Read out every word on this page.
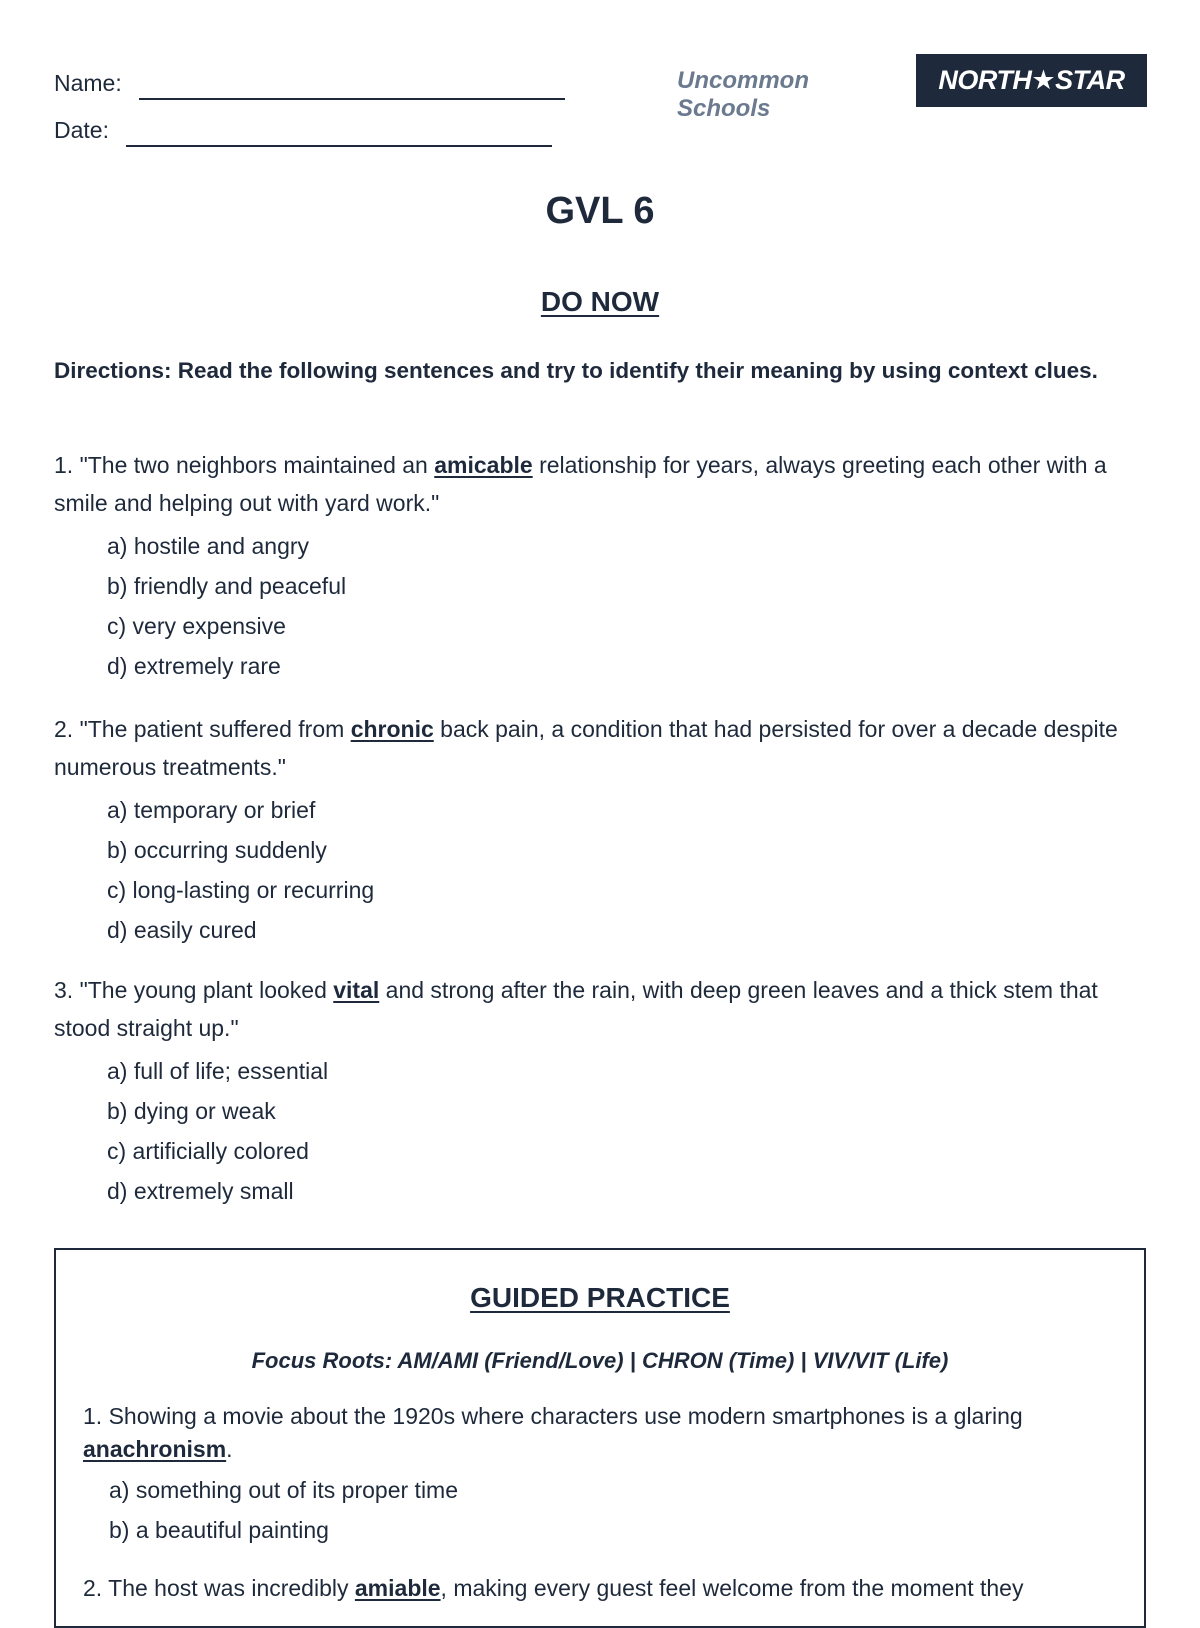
Name:
Date:
Uncommon Schools
NORTH★STAR
GVL 6
DO NOW
Directions: Read the following sentences and try to identify their meaning by using context clues.
1. "The two neighbors maintained an amicable relationship for years, always greeting each other with a smile and helping out with yard work."
a) hostile and angry
b) friendly and peaceful
c) very expensive
d) extremely rare
2. "The patient suffered from chronic back pain, a condition that had persisted for over a decade despite numerous treatments."
a) temporary or brief
b) occurring suddenly
c) long-lasting or recurring
d) easily cured
3. "The young plant looked vital and strong after the rain, with deep green leaves and a thick stem that stood straight up."
a) full of life; essential
b) dying or weak
c) artificially colored
d) extremely small
GUIDED PRACTICE
Focus Roots: AM/AMI (Friend/Love) | CHRON (Time) | VIV/VIT (Life)
1. Showing a movie about the 1920s where characters use modern smartphones is a glaring anachronism.
a) something out of its proper time
b) a beautiful painting
2. The host was incredibly amiable, making every guest feel welcome from the moment they
